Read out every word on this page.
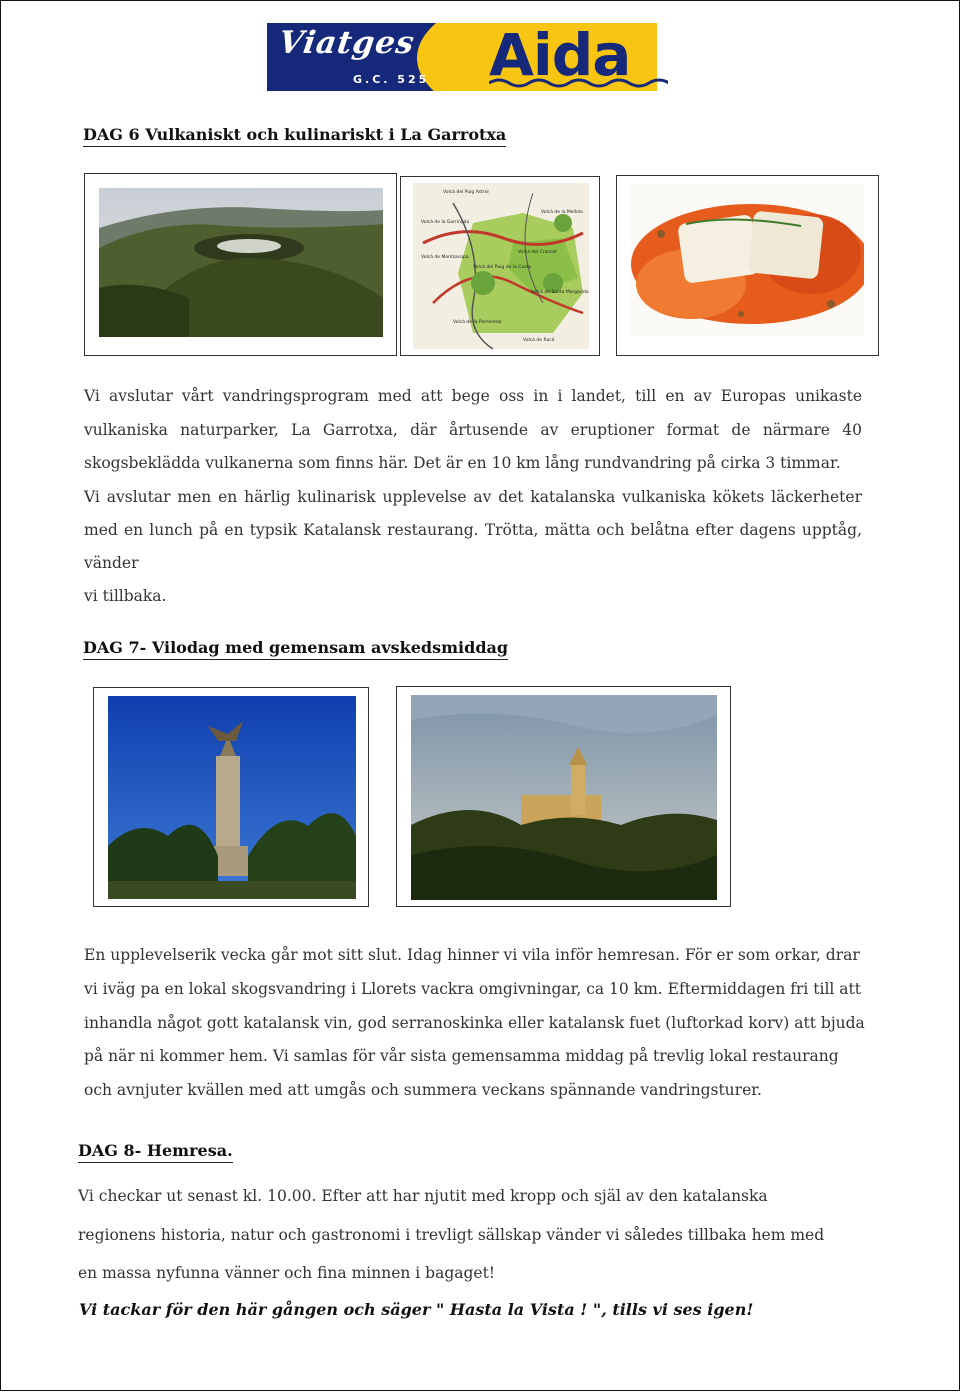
Viatges
G.C. 525 Aida
DAG 6 Vulkaniskt och kulinariskt i La Garrotxa
Volcà del Puig Astrol
Volcà de la Garrinada
Volcà de Montsacopa
Volcà del Croscat
Volcà del Puig de la Costa
Volcà de Santa Margarida
Volcà de la Pomereda
Volcà de la Mellola
Volcà de Racó
Vi avslutar vårt vandringsprogram med att bege oss in i landet, till en av Europas unikaste
vulkaniska naturparker, La Garrotxa, där årtusende av eruptioner format de närmare 40
skogsbeklädda vulkanerna som finns här. Det är en 10 km lång rundvandring på cirka 3 timmar.
Vi avslutar men en härlig kulinarisk upplevelse av det katalanska vulkaniska kökets läckerheter
med en lunch på en typsik Katalansk restaurang. Trötta, mätta och belåtna efter dagens upptåg,
vänder
vi tillbaka.
DAG 7- Vilodag med gemensam avskedsmiddag
En upplevelserik vecka går mot sitt slut. Idag hinner vi vila inför hemresan. För er som orkar, drar
vi iväg pa en lokal skogsvandring i Llorets vackra omgivningar, ca 10 km. Eftermiddagen fri till att
inhandla något gott katalansk vin, god serranoskinka eller katalansk fuet (luftorkad korv) att bjuda
på när ni kommer hem. Vi samlas för vår sista gemensamma middag på trevlig lokal restaurang
och avnjuter kvällen med att umgås och summera veckans spännande vandringsturer.
DAG 8- Hemresa.
Vi checkar ut senast kl. 10.00. Efter att har njutit med kropp och själ av den katalanska
regionens historia, natur och gastronomi i trevligt sällskap vänder vi således tillbaka hem med
en massa nyfunna vänner och fina minnen i bagaget!
Vi tackar för den här gången och säger " Hasta la Vista ! ", tills vi ses igen!
